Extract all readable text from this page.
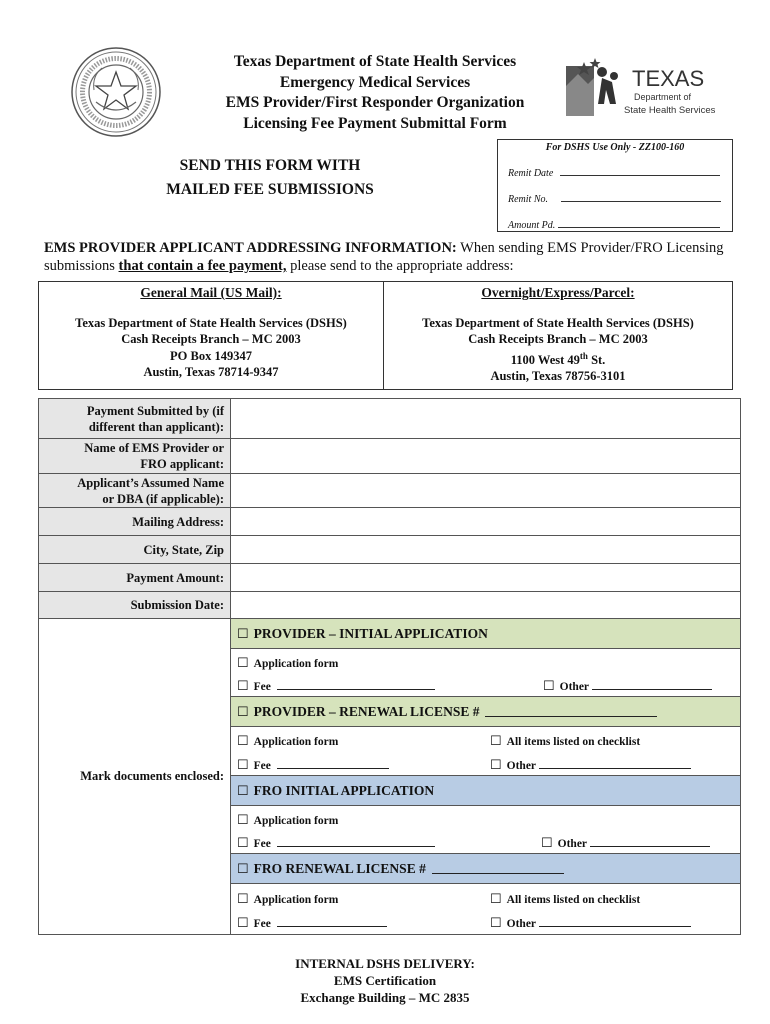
Texas Department of State Health Services
Emergency Medical Services
EMS Provider/First Responder Organization
Licensing Fee Payment Submittal Form
TEXAS
Department of
State Health Services
For DSHS Use Only - ZZ100-160
Remit Date
Remit No.
Amount Pd.
SEND THIS FORM WITH
MAILED FEE SUBMISSIONS
EMS PROVIDER APPLICANT ADDRESSING INFORMATION: When sending EMS Provider/FRO Licensing submissions that contain a fee payment, please send to the appropriate address:
General Mail (US Mail):
Texas Department of State Health Services (DSHS)
Cash Receipts Branch – MC 2003
PO Box 149347
Austin, Texas 78714-9347
Overnight/Express/Parcel:
Texas Department of State Health Services (DSHS)
Cash Receipts Branch – MC 2003
1100 West 49th St.
Austin, Texas 78756-3101
Payment Submitted by (if
different than applicant):
Name of EMS Provider or
FRO applicant:
Applicant’s Assumed Name
or DBA (if applicable):
Mailing Address:
City, State, Zip
Payment Amount:
Submission Date:
Mark documents enclosed:
☐ PROVIDER – INITIAL APPLICATION
☐ Application form
☐ Fee	☐ Other
☐ PROVIDER – RENEWAL LICENSE #
☐ Application form	☐ All items listed on checklist
☐ Fee	☐ Other
☐ FRO INITIAL APPLICATION
☐ Application form
☐ Fee	☐ Other
☐ FRO RENEWAL LICENSE #
☐ Application form	☐ All items listed on checklist
☐ Fee	☐ Other
INTERNAL DSHS DELIVERY:
EMS Certification
Exchange Building – MC 2835
